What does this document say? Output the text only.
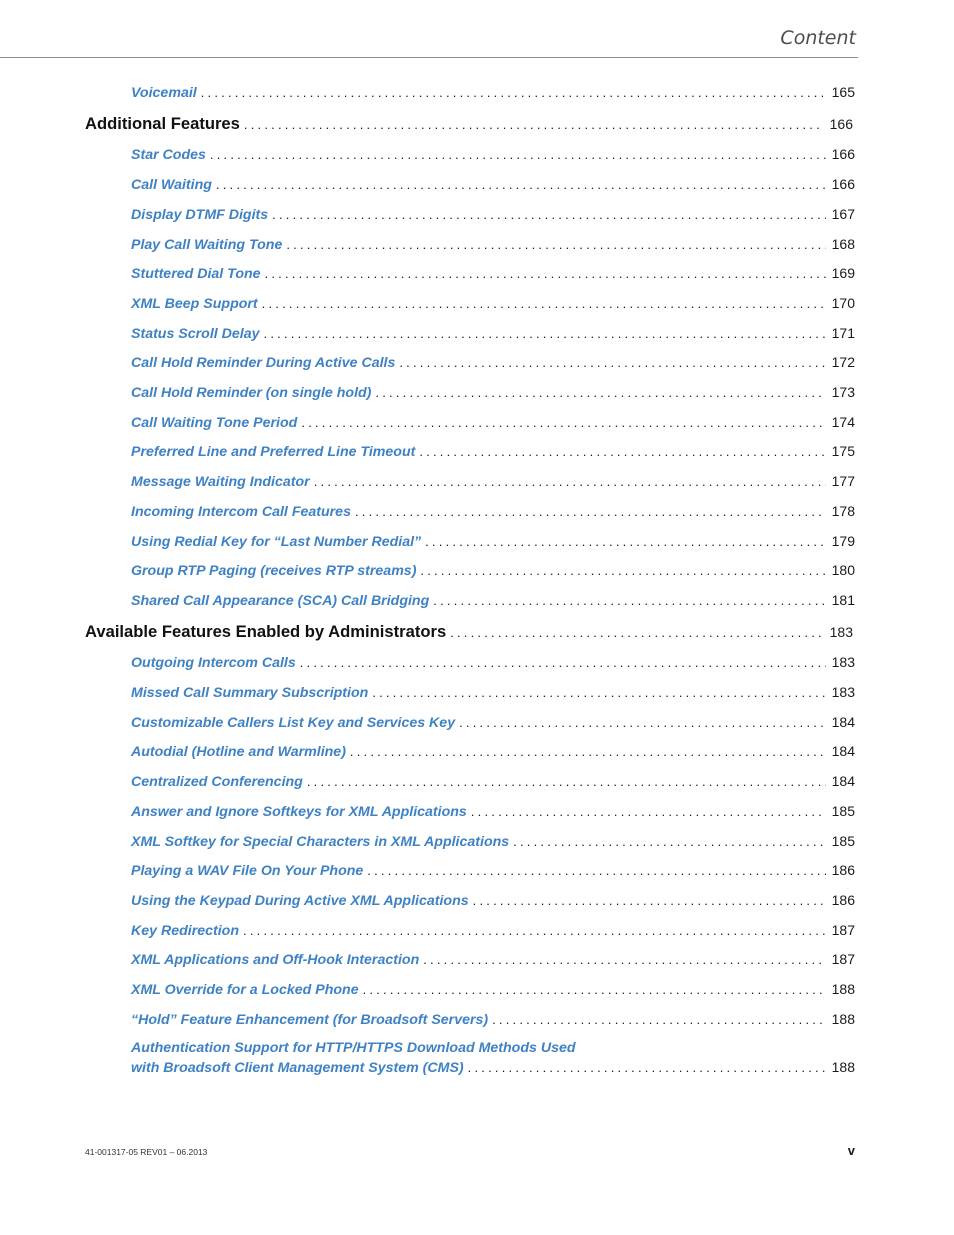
Content
Voicemail .....	165
Additional Features .....	166
Star Codes .....	166
Call Waiting .....	166
Display DTMF Digits .....	167
Play Call Waiting Tone .....	168
Stuttered Dial Tone .....	169
XML Beep Support .....	170
Status Scroll Delay .....	171
Call Hold Reminder During Active Calls .....	172
Call Hold Reminder (on single hold) .....	173
Call Waiting Tone Period .....	174
Preferred Line and Preferred Line Timeout .....	175
Message Waiting Indicator .....	177
Incoming Intercom Call Features .....	178
Using Redial Key for “Last Number Redial” .....	179
Group RTP Paging (receives RTP streams) .....	180
Shared Call Appearance (SCA) Call Bridging .....	181
Available Features Enabled by Administrators .....	183
Outgoing Intercom Calls .....	183
Missed Call Summary Subscription .....	183
Customizable Callers List Key and Services Key .....	184
Autodial (Hotline and Warmline) .....	184
Centralized Conferencing .....	184
Answer and Ignore Softkeys for XML Applications .....	185
XML Softkey for Special Characters in XML Applications .....	185
Playing a WAV File On Your Phone .....	186
Using the Keypad During Active XML Applications .....	186
Key Redirection .....	187
XML Applications and Off-Hook Interaction .....	187
XML Override for a Locked Phone .....	188
“Hold” Feature Enhancement (for Broadsoft Servers) .....	188
Authentication Support for HTTP/HTTPS Download Methods Used
with Broadsoft Client Management System (CMS) .....	188
41-001317-05 REV01 – 06.2013	v
